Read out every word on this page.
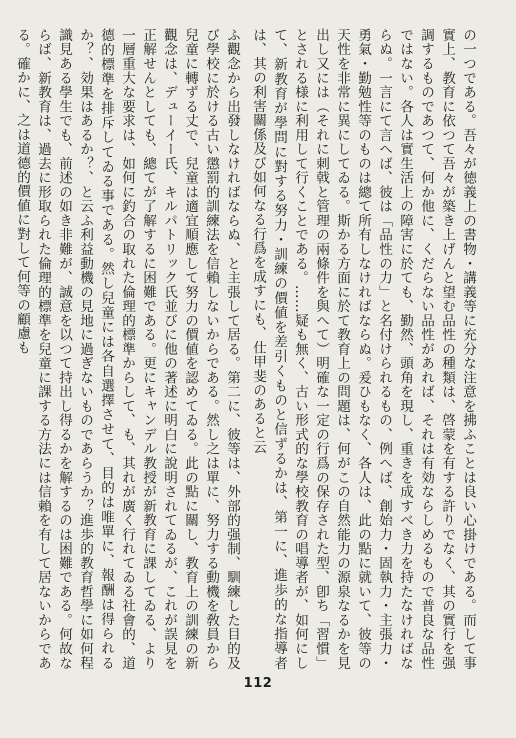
の一つである。吾々が徳義上の書物・講義等に充分な注意を拂ふことは良い心掛けである。而して事實上、教育に依つて吾々が築き上げんと望む品性の種類は、啓蒙を有する許りでなく、其の實行を强調するものであつて、何か他に、くだらない品性があれば、それは有効ならしめるもので普良な品性ではない。各人は實生活上の障害に於ても、勤然、頭角を現し、重きを成すべき力を持たなければならぬ。一言にて言へば、彼は「品性の力」と名付けられるもの、例へば、創始力・固執力・主張力・勇氣・勤勉性等のものは總て所有しなければならぬ。爰ひもなく、各人は、此の點に就いて、彼等の天性を非常に異にしてゐる。斯かる方面に於て教育上の問題は、何がこの自然能力の源泉なるかを見出し又には（それに刺戟と管理の兩條件を與へて）明確な一定の行爲の保存された型、卽ち「習慣」とされる様に利用して行くことである。……疑も無く、古い形式的な學校教育の唱導者が、如何にして、新教育が學問に對する努力・訓練の價値を差引くものと信ずるかは、第一に、進歩的な指導者は、其の利害關係及び如何なる行爲を成すにも、仕甲斐のあると云

ふ觀念から出發しなければならぬ、と主張して居る。第二に、彼等は、外部的强制、馴練した目的及び學校に於ける古い懲罰的訓練法を信賴しないからである。然し之は單に、努力する動機を敎員から兒童に轉ずる丈で、兒童は適宜順應して努力の價値を認めてゐる。此の點に關し、教育上の訓練の新觀念は、デューイー氏、キルパトリック氏並びに他の著述に明白に說明されてゐるが、これが誤見を正解せんとしても、總てが了解するに困難である。更にキャンデル教授が新教育に課してゐる、より一層重大な要求は、如何に釣合の取れた倫理的標準からして、も、其れが廣く行れてゐる社會的、道德的標準を排斥してゐる事である。然し兒童には各自選擇させて、目的は唯單に、報酬は得られるか？、効果はあるか？、と云ふ利益動機の見地に過ぎないものであらうか？進歩的教育哲學に如何程識見ある學生でも、前述の如き非難が、誠意を以つて持出し得るかを解するのは困難である。何故ならば、新教育は、過去に形取られた倫理的標準を兒童に課する方法には信賴を有して居ないからである。確かに、之は道德的價値に對して何等の顧慮も

112
